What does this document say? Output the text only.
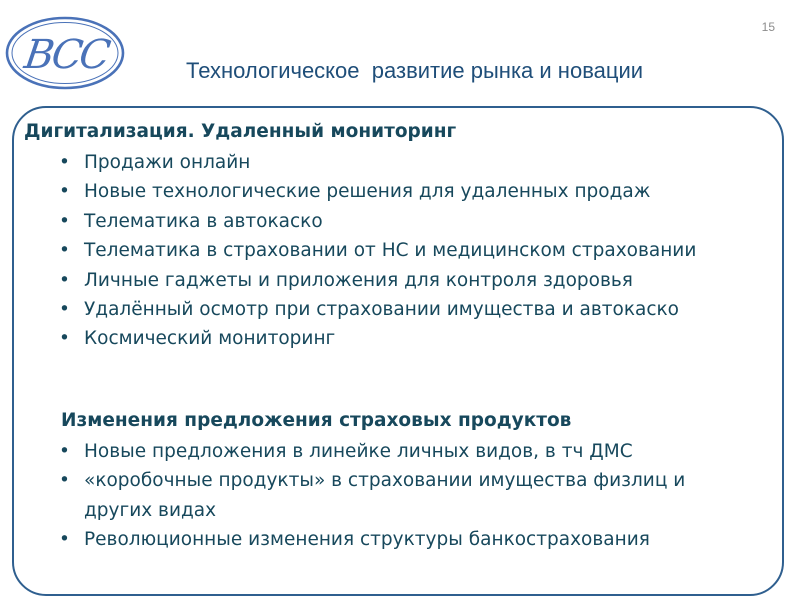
BCC
15
Технологическое  развитие рынка и новации
Дигитализация. Удаленный мониторинг
• Продажи онлайн
• Новые технологические решения для удаленных продаж
• Телематика в автокаско
• Телематика в страховании от НС и медицинском страховании
• Личные гаджеты и приложения для контроля здоровья
• Удалённый осмотр при страховании имущества и автокаско
• Космический мониторинг
Изменения предложения страховых продуктов
• Новые предложения в линейке личных видов, в тч ДМС
• «коробочные продукты» в страховании имущества физлиц и других видах
• Революционные изменения структуры банкострахования
